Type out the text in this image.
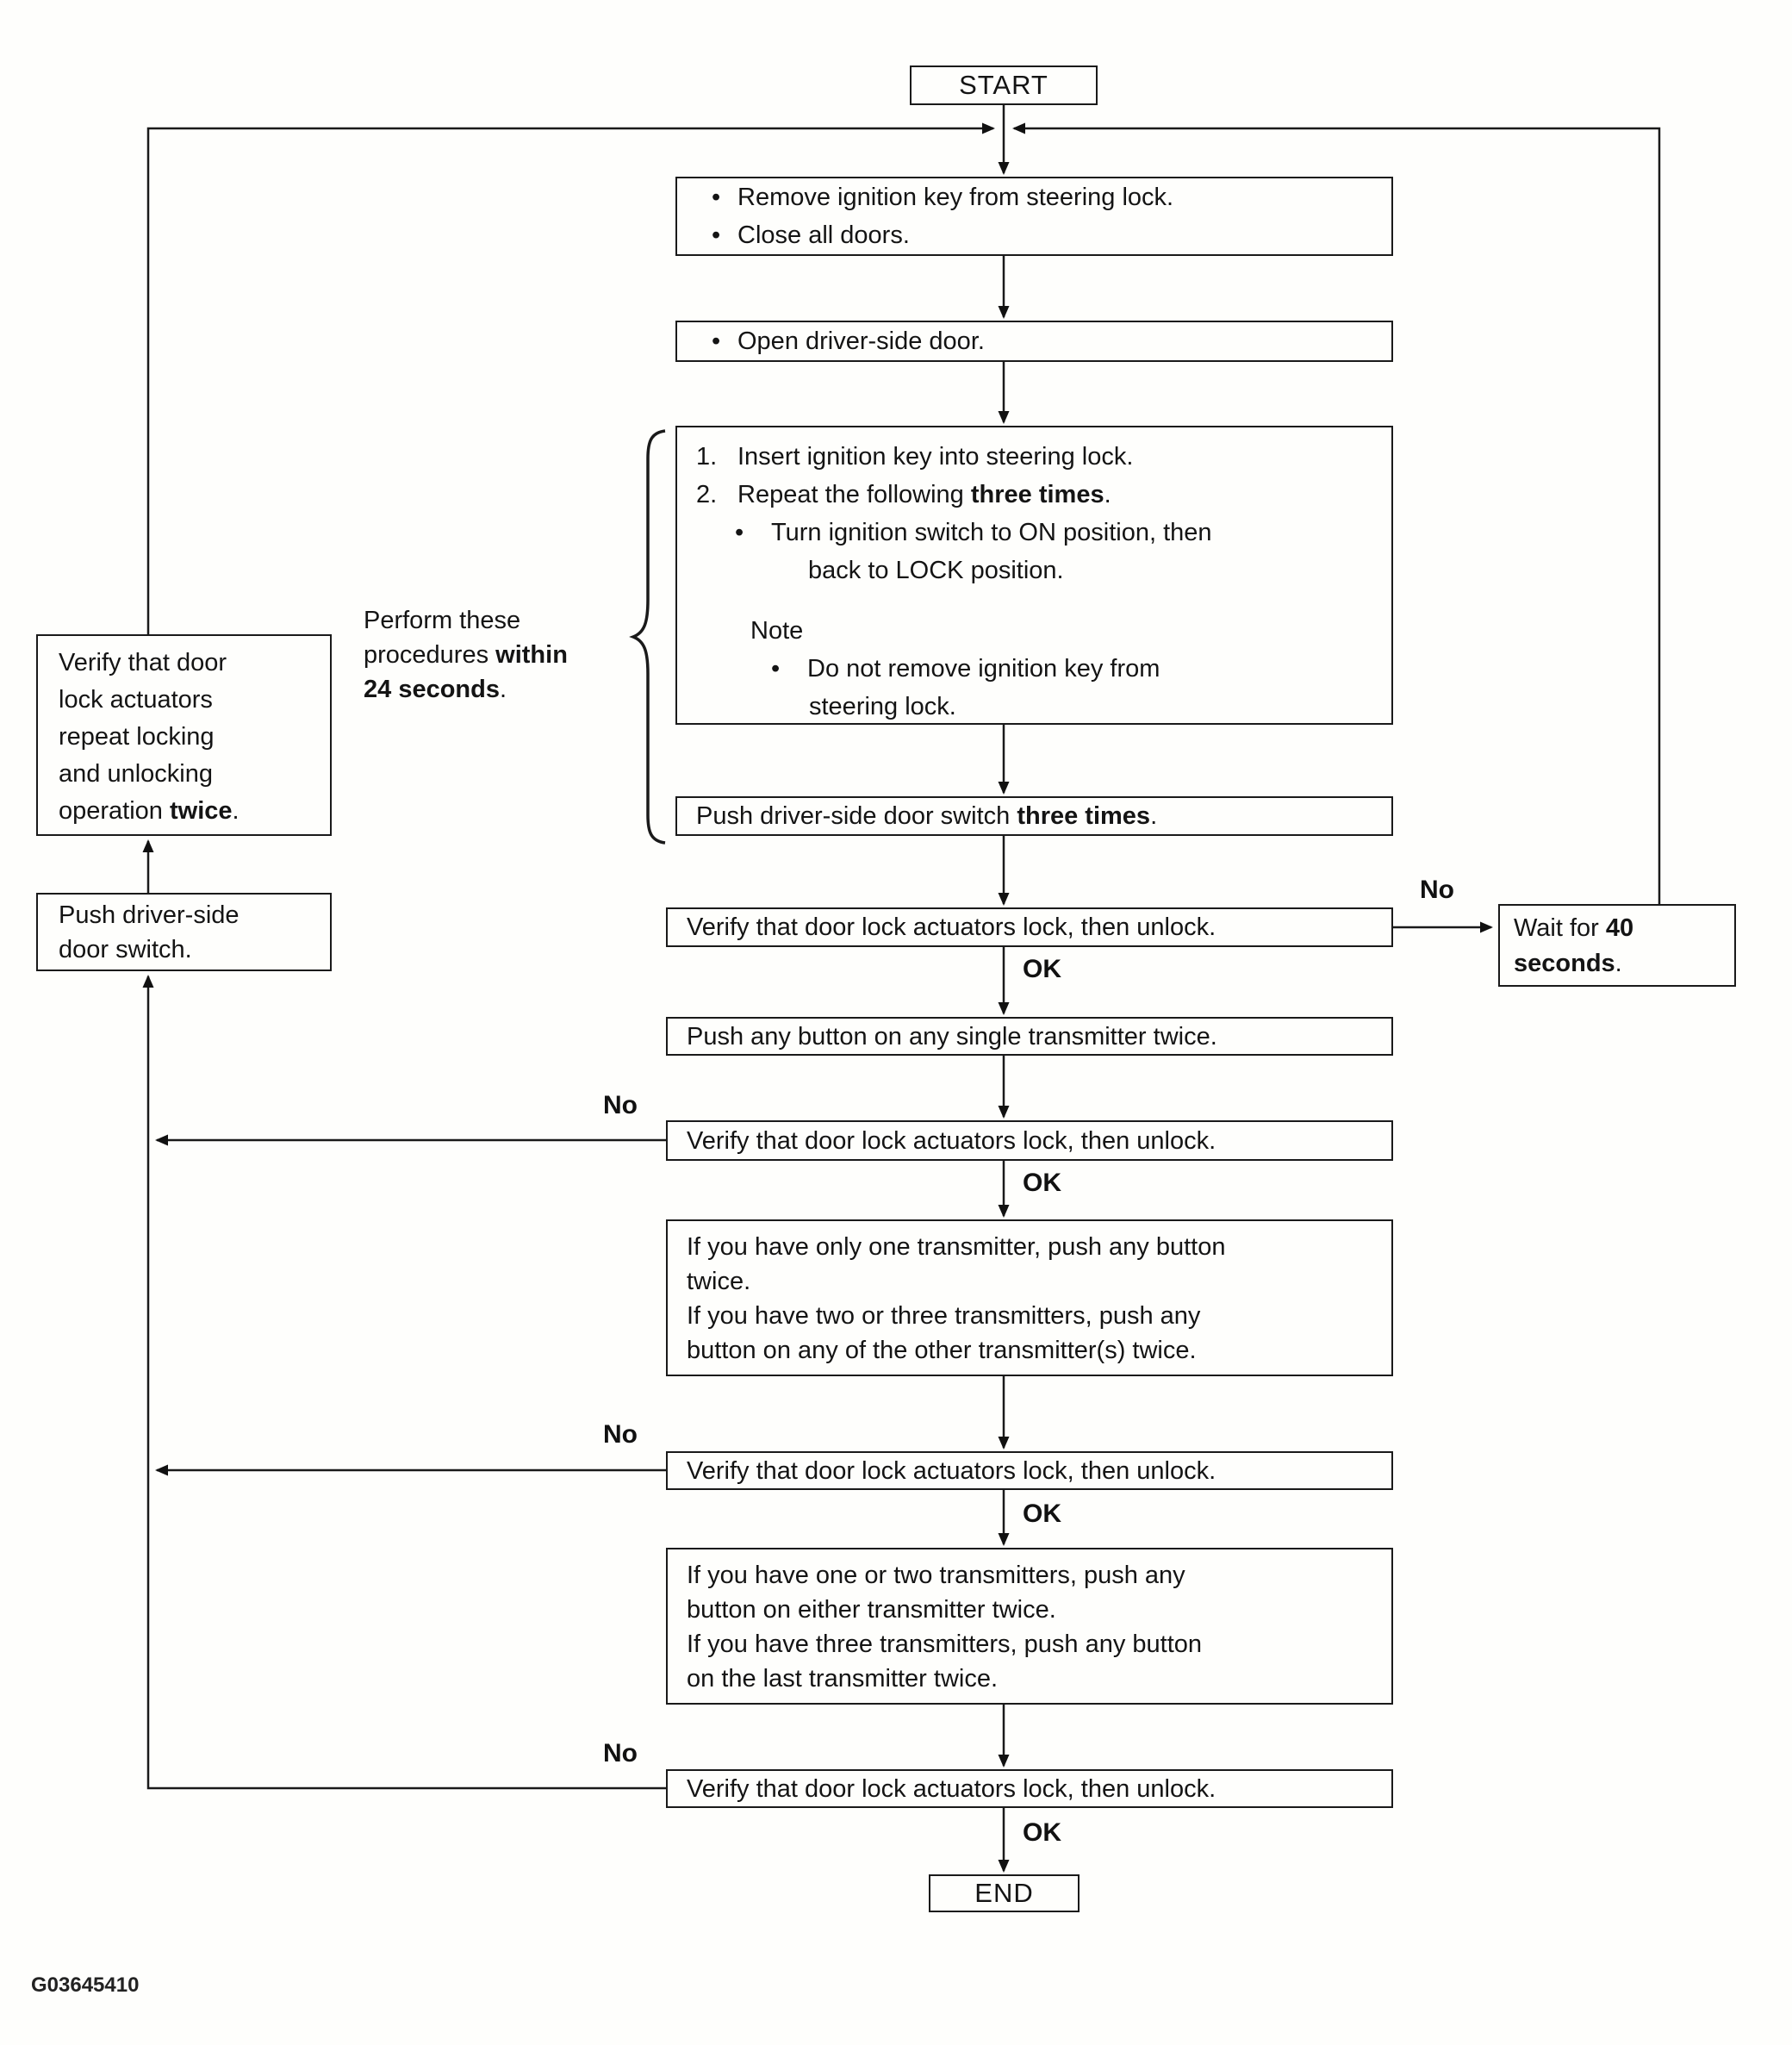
START
• Remove ignition key from steering lock.
• Close all doors.
• Open driver-side door.
1. Insert ignition key into steering lock.
2. Repeat the following three times.
•	Turn ignition switch to ON position, then
back to LOCK position.
Note
•	Do not remove ignition key from
steering lock.
Perform these
procedures within
24 seconds.
Push driver-side door switch three times.
Verify that door lock actuators lock, then unlock.	Wait for 40
seconds.
Push any button on any single transmitter twice.
Verify that door lock actuators lock, then unlock.
If you have only one transmitter, push any button
twice.
If you have two or three transmitters, push any
button on any of the other transmitter(s) twice.
Verify that door lock actuators lock, then unlock.
If you have one or two transmitters, push any
button on either transmitter twice.
If you have three transmitters, push any button
on the last transmitter twice.
Verify that door lock actuators lock, then unlock.
END
Verify that door
lock actuators
repeat locking
and unlocking
operation twice.
Push driver-side
door switch.
No
OK
No
OK
No
OK
No
OK
G03645410
